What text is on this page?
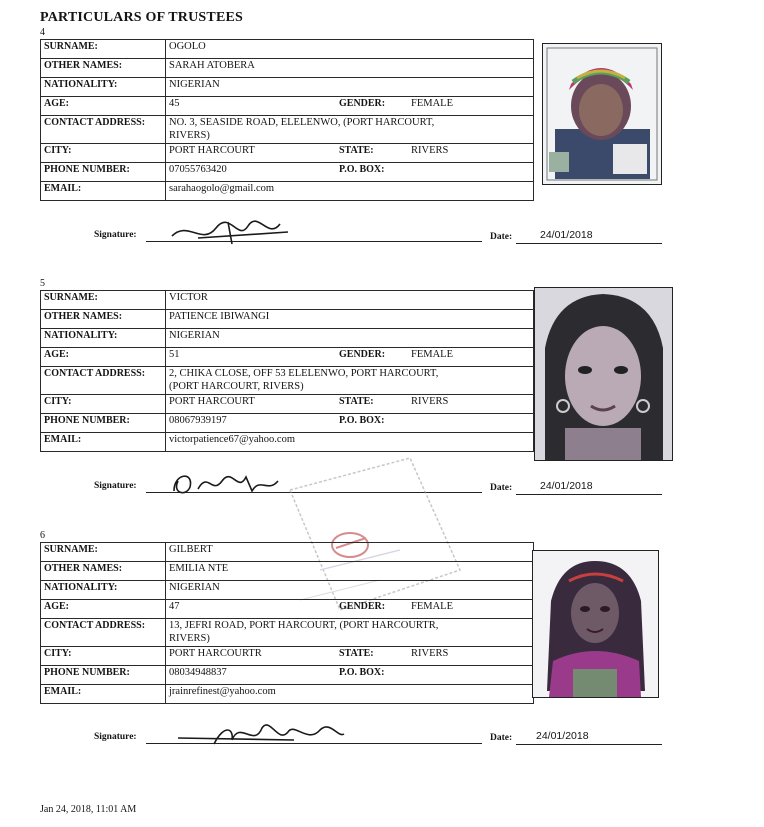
PARTICULARS OF TRUSTEES
4
SURNAME:	OGOLO
OTHER NAMES:	SARAH ATOBERA
NATIONALITY:	NIGERIAN
AGE:	45 GENDER: FEMALE

CONTACT ADDRESS:	NO. 3, SEASIDE ROAD, ELELENWO, (PORT HARCOURT,
RIVERS)

CITY:	PORT HARCOURT STATE: RIVERS

PHONE NUMBER:	07055763420 P.O. BOX:

EMAIL:	sarahaogolo@gmail.com
Signature:	Date:	24/01/2018
5
SURNAME:	VICTOR
OTHER NAMES:	PATIENCE IBIWANGI
NATIONALITY:	NIGERIAN
AGE:	51 GENDER: FEMALE

CONTACT ADDRESS:	2, CHIKA CLOSE, OFF 53 ELELENWO, PORT HARCOURT,
(PORT HARCOURT, RIVERS)

CITY:	PORT HARCOURT STATE: RIVERS

PHONE NUMBER:	08067939197 P.O. BOX:

EMAIL:	victorpatience67@yahoo.com
Signature:	Date:	24/01/2018
6
SURNAME:	GILBERT
OTHER NAMES:	EMILIA NTE
NATIONALITY:	NIGERIAN
AGE:	47 GENDER: FEMALE

CONTACT ADDRESS:	13, JEFRI ROAD, PORT HARCOURT, (PORT HARCOURTR,
RIVERS)

CITY:	PORT HARCOURTR STATE: RIVERS

PHONE NUMBER:	08034948837 P.O. BOX:

EMAIL:	jrainrefinest@yahoo.com
Signature:	Date: 24/01/2018
Jan 24, 2018, 11:01 AM
